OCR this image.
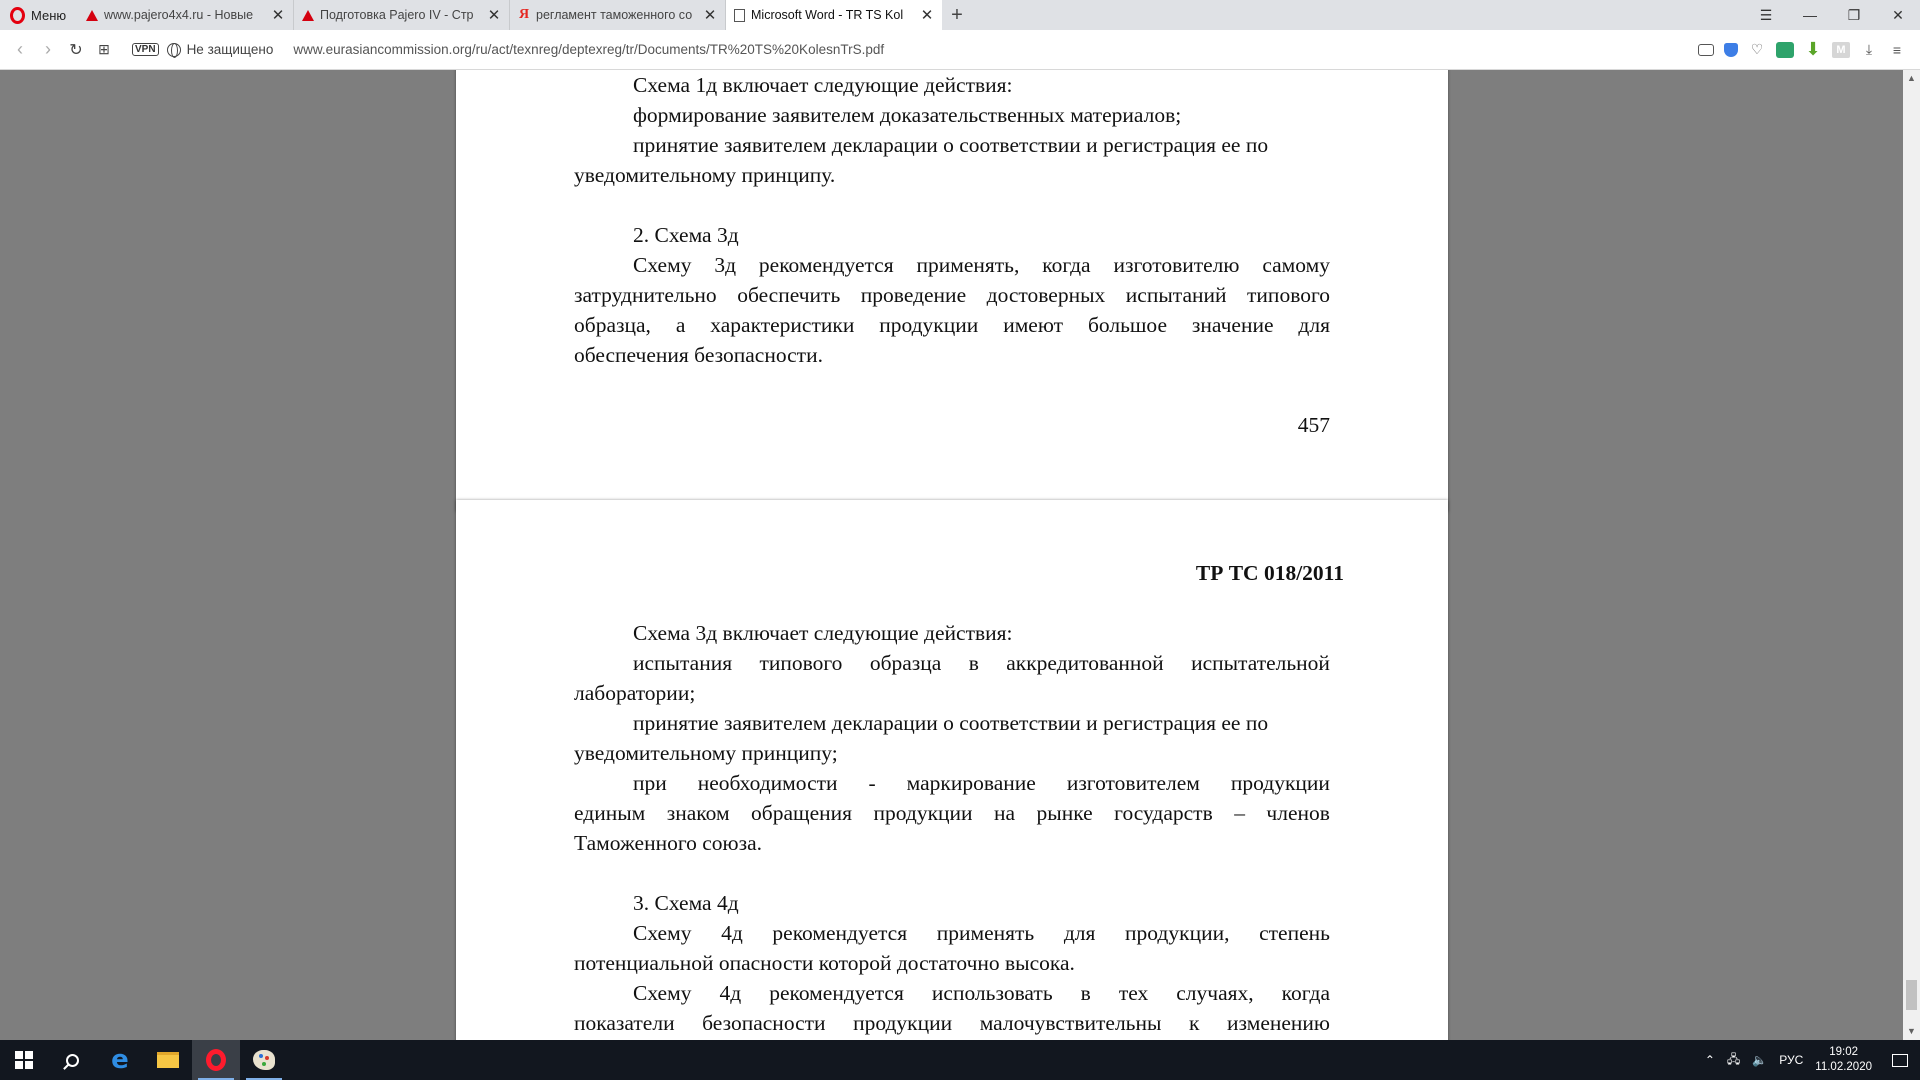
Меню	www.pajero4x4.ru - Новые	✕	Подготовка Pajero IV - Стр ✕ Я регламент таможенного со ✕	Microsoft Word - TR TS Kol	✕ +	☰	—	❐	✕
‹	›	↻	⊞	VPN Не защищено www.eurasiancommission.org/ru/act/texnreg/deptexreg/tr/Documents/TR%20TS%20KolesnTrS.pdf	♡ ⬇	M	⤓	≡
Схема 1д включает следующие действия:
формирование заявителем доказательственных материалов;
принятие заявителем декларации о соответствии и регистрация ее по
уведомительному принципу.
2. Схема 3д
Схему 3д рекомендуется применять, когда изготовителю самому
затруднительно обеспечить проведение достоверных испытаний типового
образца, а характеристики продукции имеют большое значение для
обеспечения безопасности.
457
ТР ТС 018/2011
Схема 3д включает следующие действия:
испытания типового образца в аккредитованной испытательной
лаборатории;
принятие заявителем декларации о соответствии и регистрация ее по
уведомительному принципу;
при необходимости - маркирование изготовителем продукции
единым знаком обращения продукции на рынке государств – членов
Таможенного союза.
3. Схема 4д
Схему 4д рекомендуется применять для продукции, степень
потенциальной опасности которой достаточно высока.
Схему 4д рекомендуется использовать в тех случаях, когда
показатели безопасности продукции малочувствительны к изменению
▲
▼
e	⌃ 🖧 🔈 РУС
19:02
11.02.2020
